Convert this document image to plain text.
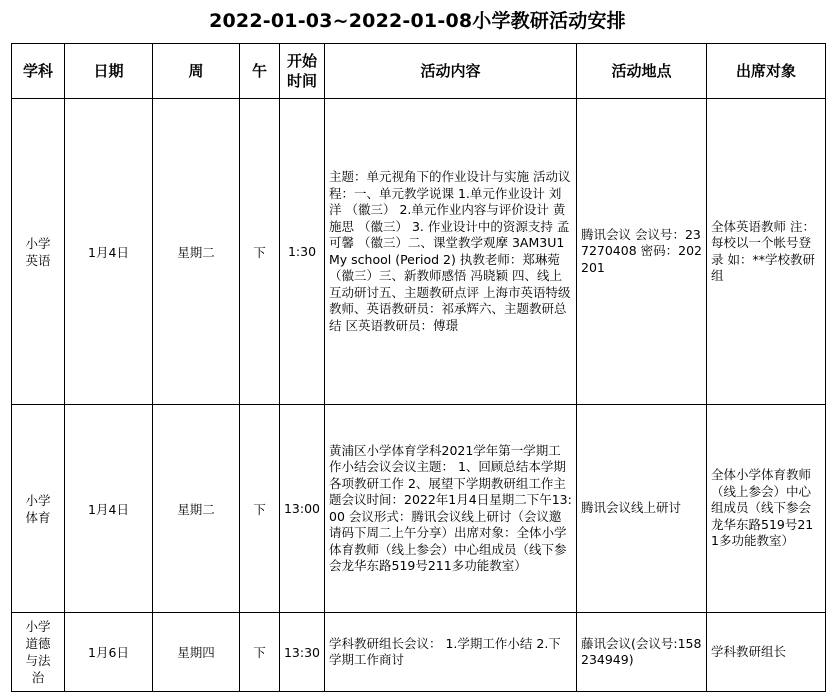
2022-01-03~2022-01-08小学教研活动安排
学科	日期	周	午	开始时间	活动内容	活动地点	出席对象

小学英语	1月4日	星期二	下	1:30	主题：单元视角下的作业设计与实施 活动议程：一、单元教学说课 1.单元作业设计 刘洋 （徽三） 2.单元作业内容与评价设计 黄施思 （徽三） 3. 作业设计中的资源支持 孟可馨 （徽三）二、课堂教学观摩 3AM3U1 My school (Period 2) 执教老师：郑琳菀 （徽三）三、新教师感悟 冯晓颖 四、线上互动研讨五、主题教研点评 上海市英语特级教师、英语教研员：祁承辉六、主题教研总结 区英语教研员：傅璟	腾讯会议 会议号：237270408 密码：202201	全体英语教师 注：每校以一个帐号登录 如：**学校教研组

小学体育	1月4日	星期二	下	13:00	黄浦区小学体育学科2021学年第一学期工作小结会议会议主题： 1、回顾总结本学期各项教研工作 2、展望下学期教研组工作主题会议时间：2022年1月4日星期二下午13:00 会议形式：腾讯会议线上研讨（会议邀请码下周二上午分享）出席对象：全体小学体育教师（线上参会）中心组成员（线下参会龙华东路519号211多功能教室）	腾讯会议线上研讨	全体小学体育教师（线上参会）中心组成员（线下参会龙华东路519号211多功能教室）

小学道德与法治	1月6日	星期四	下	13:30	学科教研组长会议： 1.学期工作小结 2.下学期工作商讨	藤讯会议(会议号:158234949)	学科教研组长
